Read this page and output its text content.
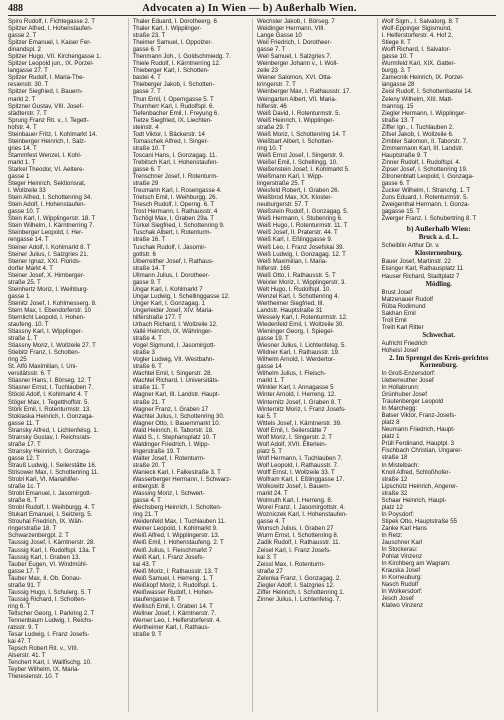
488	Advocaten a) In Wien — b) Außerhalb Wien.
Spiro Rudolf, I. Fichtegasse 2. T
Spitzer Alfred, I. Hohenstaufen-
gasse 2. T
Spitzer Emanuel, I. Kaiser Fer-
dinandspl. 2
Spitzer Hugo, VII. Kirchengasse 1.
Spitzer Leopold jun., IX. Porzel-
langasse 27. T
Spitzer Rudolf, I. Maria-The-
resienstr. 30. T
Spitzer Siegfried, I. Bauern-
markt 2. T
Spitzner Gustav, VIII. Josef-
städterstr. 7. T
Sprung Franz Rit. v., I. Tegett-
hofstr. 4. T
Steinbauer Fritz, I. Kohlmarkt 14.
Steinberger Heinrich, I. Salz-
gries 14. T
Stammfest Wenzel, I. Kohl-
markt 1. T
Starkel Theodor, VI. Aeltere-
gasse 1
Steger Heinrich, Sektionsrat,
I. Wollzeile 33
Stein Alfred, I. Schottenring 34.
Stein Adolf, I. Hohenstaufen-
gasse 10. T
Stein Karl, I. Wipplingerstr. 18. T
Stein Wilhelm, I. Kärntnerring 7.
Steinberger Leopold, I. Her-
rengasse 14. T
Steiner Adolf, I. Kohlmarkt 8. T
Steiner Julius, I. Salzgries 21.
Steiner Ignaz, XXI. Florids-
dorfer Markt 4. T
Steiner Josef, X. Himberger-
straße 25. T
Steinhertz Moriz, I. Weihburg-
gasse 1
Steinitz Josef, I. Kohlmesserg. 8.
Stern Max, I. Ebendorferstr. 10
Sternlicht Leopold, I. Hohen-
staufeng. 10. T
Stiassny Karl, I. Wipplinger-
straße 1. T
Stiassny Moriz, I. Wollzeile 27. T
Stiebitz Franz, I. Schotten-
ring 25
St. Alfö Maximilian, I. Uni-
versitätsstr. 6. T
Stiasner Hans, I. Börseg. 12. T
Stiasner Ernst, I. Tuchlauben 7.
Stöckl Adolf, I. Kohlmarkt 4. T
Stöger Max, I. Tegetthoffstr. 5.
Störk Emil, I. Rotenturmstr. 13.
Stoklaska Heinrich, I. Gonzaga-
gasse 11. T
Stransky Alfred, I. Lichtenfelsg. 1.
Stransky Gustav, I. Reichsrats-
straße 17. T
Stransky Heinrich, I. Gonzaga-
gasse 12. T
Strauß Ludwig, I. Seilerstätte 16.
Strisower Max, I. Schottenring 11.
Strobl Karl, VI. Mariahilfer-
straße 1c. T
Strobl Emanuel, I. Jasomirgott-
straße 6. T
Strobl Rudolf, I. Weihburgg. 4. T
Stukart Emanuel, I. Seitzerg. 5.
Strouhal Friedrich, IX. Wäh-
ringerstraße 18. T
Schwarzenbergpl. 2. T
Taussig Josef, I. Kärntnerstr. 28.
Taussig Karl, I. Rudolfspl. 13a. T
Taussig Karl, I. Graben 13.
Tauber Eugen, VI. Windmühl-
gasse 17. T
Tauber Max, II. Ob. Donau-
straße 91. T
Taussig Hugo, I. Schulerg. 5. T
Taussig Richard, I. Schotten-
ring 6. T
Teltscher Georg, I. Parkring 2. T
Tennenbaum Ludwig, I. Reichs-
ratsstr. 9. T
Tesar Ludwig, I. Franz Josefs-
kai 47. T
Tepsch Robert Rit. v., VIII.
Alserstr. 41. T
Tenchert Karl, I. Wallfischg. 10.
Teyber Wilhelm, IX. Maria-
Theresienstr. 10. T
Thaler Eduard, I. Dorotheerg. 6
Thaler Karl, I. Wipplinger-
straße 23. T
Theimer Samuel, I. Oppolzer-
gasse 6. T
Thenmann Joh., I. Goldschmiedg. 7.
Thiele Rudolf, I. Kärntnerring 12.
Thieberger Karl, I. Schotten-
bastei 4. T
Thieberger Jakob, I. Schotten-
gasse 7. T
Thun Emil, I. Operngasse 5. T
Thurnherr Karl, I. Rudolfspl. 6.
Tiefenbacher Emil, I. Freyung 6.
Tietze Siegfried, IX. Liechten-
steinstr. 4
Todt Viktor, I. Bäckerstr. 14
Tomaschek Alfred, I. Singer-
straße 10. T
Toscani Hans, I. Gonzagag. 11.
Trebitsch Karl, I. Hohenstaufen-
gasse 6. T
Trenschner Josef, I. Rotenturm-
straße 29
Treumann Karl, I. Rosengasse 4.
Trietsch Emil, I. Weihburgg. 26.
Triesch Rudolf, I. Operng. 6. T
Trost Hermann, I. Rathausstr. 4
Tschögl Max, I. Graben 29a. T
Türkel Siegfried, I. Schottenring 9.
Tuschak Albert, I. Rotenturm-
straße 16. T
Tuschak Rudolf, I. Jasomir-
gottstr. 6
Uiberreither Josef, I. Rathaus-
straße 14. T
Ullmann Julius, I. Dorotheer-
gasse 9. T
Ungar Karl, I. Kohlmarkt 7
Ungar Ludwig, I. Schellinggasse 12.
Unger Karl, I. Gonzagag. 1
Ungerleider Josef, XIV. Maria-
hilferstraße 177. T
Urbach Richard, I. Wollzeile 12.
Vallé Heinrich, IX. Währinger-
straße 4. T
Vogel Sigmund, I. Jasomirgott-
straße 3
Vogler Ludwig, VII. Westbahn-
straße 6. T
Wachtel Emil, I. Singerstr. 28.
Wachtel Richard, I. Universitäts-
straße 11. T
Wagner Karl, III. Landstr. Haupt-
straße 21. T
Wagner Franz, I. Graben 17
Wachtel Julius, I. Schottenring 30.
Wagner Otto, I. Bauernmarkt 10.
Wald Heinrich, II. Taborstr. 18.
Wald S., I. Stephansplatz 10. T
Waldinger Friedrich, I. Wipp-
lingerstraße 19. T
Walter Josef, I. Rotenturm-
straße 20. T
Wanieck Karl, I. Falkestraße 3. T
Wasserberger Hermann, I. Schwarz-
enbergstr. 8
Wassing Moriz, I. Schwert-
gasse 4. T
Wechsberg Heinrich, I. Schotten-
ring 21. T
Weidenfeld Max, I. Tuchlauben 11.
Weiner Leopold, I. Kohlmarkt 9.
Weiß Alfred, I. Wipplingerstr. 13.
Weiß Emil, I. Hohenstaufeng. 2. T
Weiß Julius, I. Fleischmarkt 7
Weiß Karl, I. Franz Josefs-
kai 43. T
Weiß Moriz, I. Rathausstr. 13. T
Weiß Samuel, I. Herreng. 1. T
Weißkopf Moriz, I. Rudolfspl. 1.
Weißwasser Rudolf, I. Hohen-
staufengasse 8. T
Wellisch Emil, I. Graben 14. T
Wellner Josef, I. Kärntnerstr. 7.
Werner Leo, I. Helferstorferstr. 4.
Wertheimer Karl, I. Rathaus-
straße 9. T
Wechsler Jakob, I. Börseg. 7
Weidinger Hermann, VIII.
Lange Gasse 10
Weil Friedrich, I. Dorotheer-
gasse 7. T
Weil Samuel, I. Salzgries 7.
Weinberger Johann v., I. Woll-
zeile 23
Weiner Salomon, XVI. Otta-
kringerstr. 7. T
Weinberger Max, I. Rathausstr. 17.
Weingarten Albert, VII. Maria-
hilferstr. 46
Weiß David, I. Rotenturmstr. 5.
Weiß Heinrich, I. Wipplinger-
straße 29. T
Weiß Moriz, I. Schottenring 14. T
Weißbart Albert, I. Schotten-
ring 10. T
Weiß Ernst Josef, I. Singerstr. 9.
Weißel Emil, I. Schellingg. 10.
Weißenstein Josef, I. Kohlmarkt 5.
Weißmann Karl, I. Wipp-
lingerstraße 25. T
Weisfeld Robert, I. Graben 26.
Weißbrod Max, XX. Kloster-
neuburgerstr. 57. T
Weißstein Rudolf, I. Gonzagag. 5.
Weiß Hermann, I. Stubenring 6.
Weiß Hugo, I. Rotenturmstr. 11. T
Weiß Josef, II. Praterstr. 44. T
Weiß Karl, I. Eßlinggasse 9.
Weiß Leo, I. Franz Josefskai 39.
Weiß Ludwig, I. Gonzagag. 12. T
Weiß Maximilian, I. Maria-
hilferstr. 165
Weiß Otto, I. Rathausstr. 5. T
Weixler Moriz, I. Wipplingerstr. 3.
Welt Hugo, I. Rudolfspl. 10.
Wenzel Karl, I. Schottenring 4.
Wertheimer Siegfried, III.
Landstr. Hauptstraße 31
Wessely Karl, I. Rotenturmstr. 12.
Wiedenfeld Emil, I. Wollzeile 30.
Wieninger Georg, I. Spiegel-
gasse 19. T
Wiesner Julius, I. Lichtenfelsg. 5.
Wildner Karl, I. Rathausstr. 19.
Wilhelm Arnold, I. Werdertor-
gasse 14
Wilhelm Julius, I. Fleisch-
markt 1. T
Winkler Karl, I. Annagasse 5
Winter Arnold, I. Herreng. 12.
Winternitz Josef, I. Graben 8. T
Winternitz Moriz, I. Franz Josefs-
kai 5. T
Wittels Josef, I. Kärntnerstr. 39.
Wolf Emil, I. Seilerstätte 7
Wolf Moriz, I. Singerstr. 2. T
Wolf Adolf, XVII. Elterlein-
platz 5. T
Wolf Hermann, I. Tuchlauben 7.
Wolf Leopold, I. Rathausstr. 7.
Wolff Ernst, I. Wollzeile 33. T
Wolfram Karl, I. Eßlinggasse 17.
Wolkowitz Josef, I. Bauern-
markt 24. T
Wolmuth Karl, I. Herreng. 8.
Worel Franz, I. Jasomirgottstr. 4.
Wozniczek Karl, I. Hohenstaufen-
gasse 4. T
Wunsch Julius, I. Graben 27
Wurm Ernst, I. Schottenring 8.
Zadik Rudolf, I. Rathausstr. 11.
Zeisel Karl, I. Franz Josefs-
kai 3. T
Zeissl Max, I. Rotenturm-
straße 27
Zelenka Franz, I. Gonzagag. 2.
Ziegler Adolf, I. Salzgries 12.
Ziffer Heinrich, I. Schottenring 1.
Zinner Julius, I. Lichtenfelsg. 7.
Wolf Sigm., I. Salvatorg. 8. T
Wolf-Eppinger Sigismund,
I. Helferstorferstr. 4. Hof 2,
Stiege II. T
Wolff Richard, I. Salvator-
gasse 10. T
Wurmfeld Karl, XIX. Gatter-
burgg. 3. T
Zamecnik Heinrich, IX. Porzel-
langasse 28
Zeisl Rudolf, I. Schottenbastei 14.
Zeleny Wilhelm, XIII. Matt-
mannsg. 15
Ziegler Hermann, I. Wipplinger-
straße 13. T
Ziffer Ign., I. Tuchlauben 2.
Zifsel Jakob, I. Wollzeile 6.
Zimbler Salomon, II. Taborstr. 7.
Zimmermann Karl, III. Landstr.
Hauptstraße 9. T
Zinner Rudolf, I. Rudolfspl. 4.
Zipser Josef, I. Schottenring 19.
Zitronenblatt Leopold, I. Gonzaga-
gasse 6. T
Zucker Wilhelm, I. Stranchg. 1. T
Zuns Eduard, I. Rotenturmstr. 5.
Zweigenthal Hermann, I. Gonza-
gagasse 15. T
Zwerger Franz, I. Schubertring 8. T
b) Außerhalb Wien:
Bruck a. d. L.
Scheiblin Arthur Dr. v.
Klosterneuburg.
Bauer Josef, Martinstr. 22
Eisinger Karl, Rathausplatz 11
Hauser Richard, Stadtplatz 7
Mödling.
Brust Josef
Matzenauer Rudolf
Rüba Rodimund
Sakhan Emil
Troll Emil
Treitl Karl Ritter
Schwechat.
Aufricht Friedrich
Hoheisl Josef
2. Im Sprengel des Kreis-gerichtes Korneuburg.
In Groß-Enzersdorf:
Ueberreuther Josef
In Hollabrunn:
Grünhuber Josef
Trautenberger Leopold
In Marchegg:
Balser Viktor, Franz-Josefs-
platz 8
Neumann Friedrich, Haupt-
platz 1
Prüll Ferdinand, Hauptpl. 3
Fischbach Christian, Ungarer-
straße 18
In Mistelbach:
Knoll Alfred, Schloßhofer-
straße 12
Lipschütz Heinrich, Angerer-
straße 32
Schaar Heinrich, Haupt-
platz 12
In Poysdorf:
Stipek Otto, Hauptstraße 55
Zanke Karl Hans
In Retz:
Jauschner Karl
In Stockerau:
Pohlat Vinzenz
In Kirchberg am Wagram:
Krauska Josef
In Korneuburg:
Nasch Rudolf
In Wolkersdorf:
Jesch Josef
Klatwo Vinzenz
